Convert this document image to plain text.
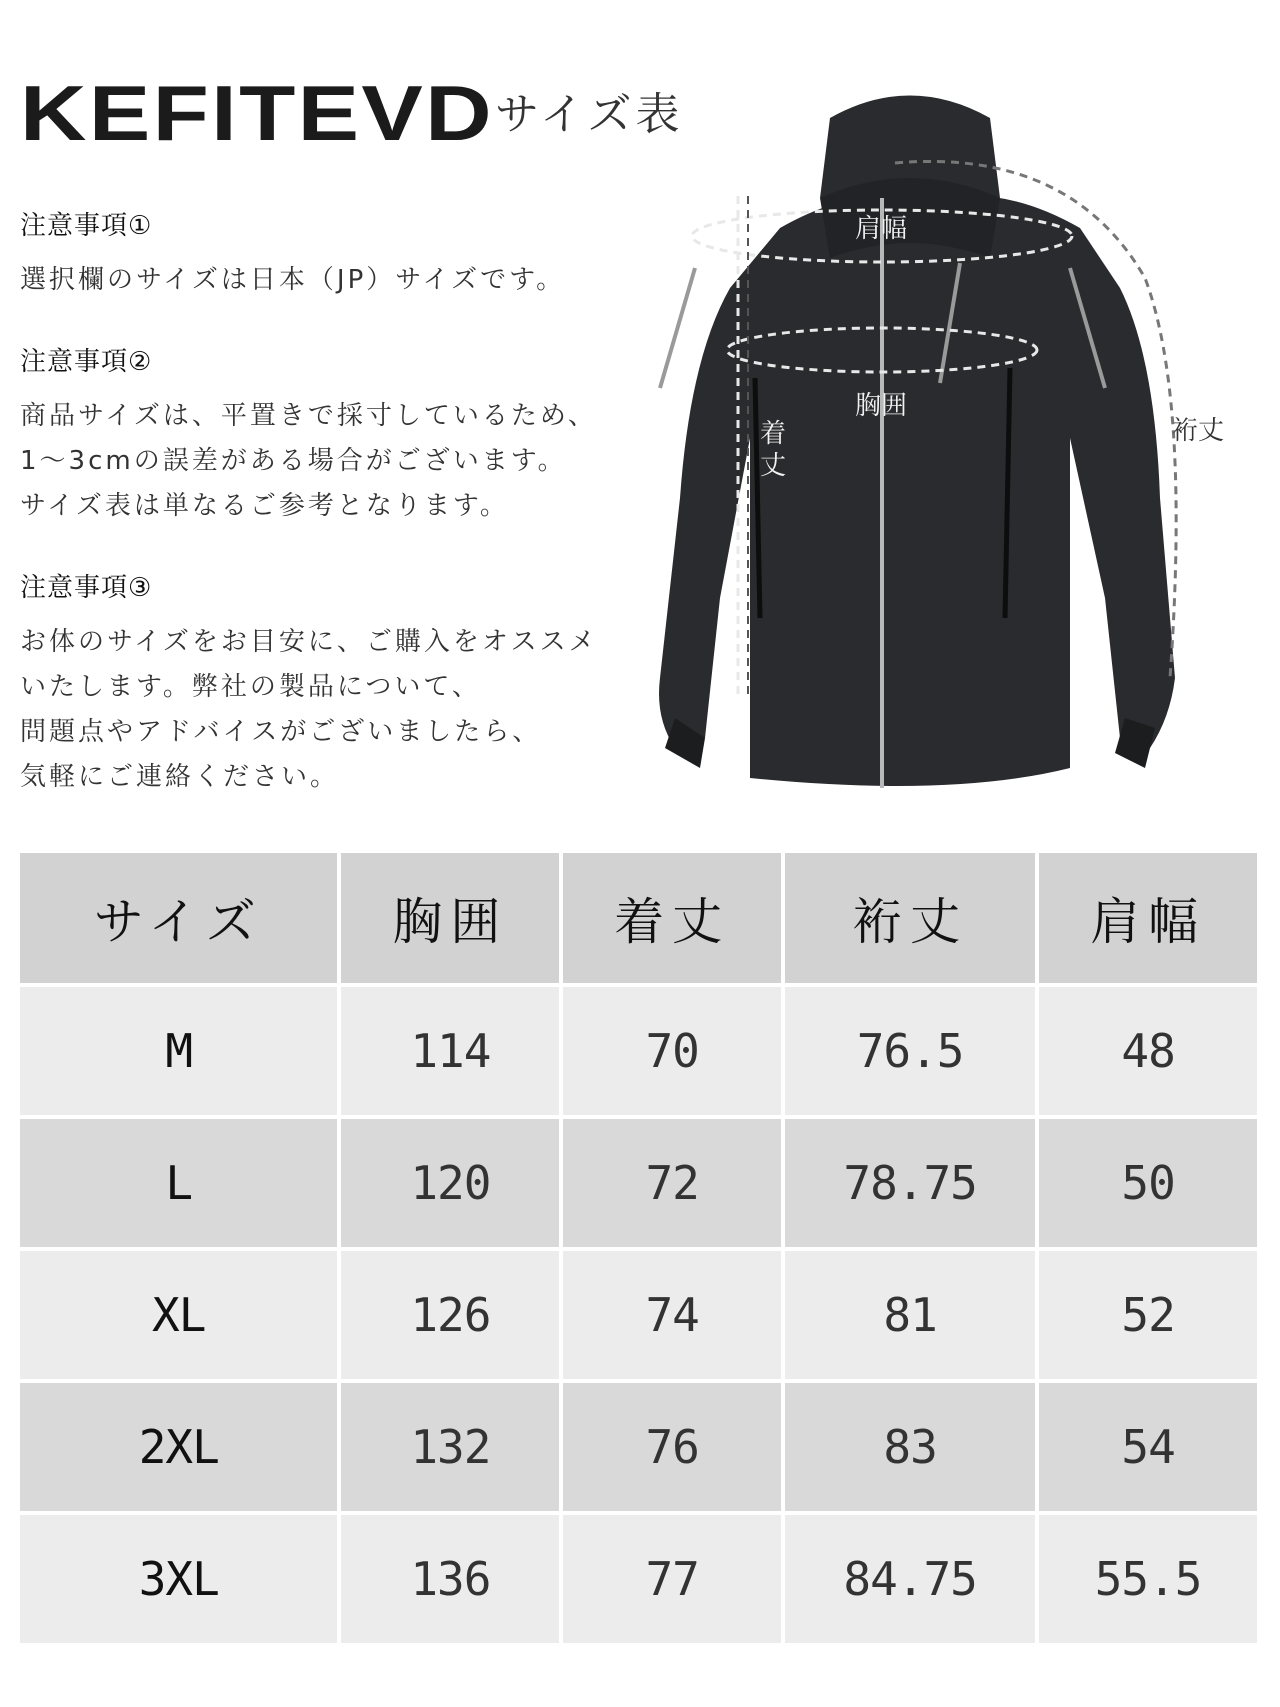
KEFITEVD サイズ表
注意事項①
選択欄のサイズは日本（JP）サイズです。
注意事項②
商品サイズは、平置きで採寸しているため、
1〜3cmの誤差がある場合がございます。
サイズ表は単なるご参考となります。
注意事項③
お体のサイズをお目安に、ご購入をオススメ
いたします。弊社の製品について、
問題点やアドバイスがございましたら、
気軽にご連絡ください。
肩幅
胸囲
着丈
裄丈
サイズ	胸囲	着丈	裄丈	肩幅
M	114	70	76.5	48
L	120	72	78.75	50
XL	126	74	81	52
2XL	132	76	83	54
3XL	136	77	84.75	55.5
